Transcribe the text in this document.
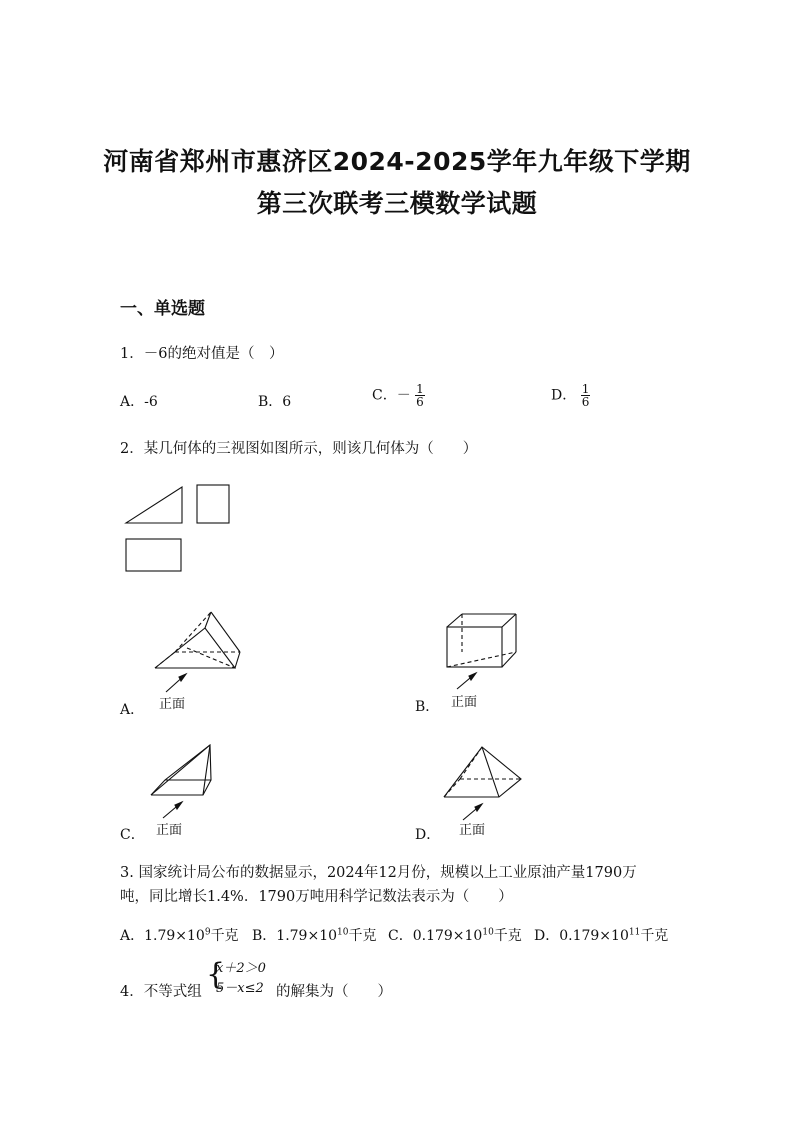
河南省郑州市惠济区2024-2025学年九年级下学期
第三次联考三模数学试题
一、单选题
1．－6的绝对值是（　）
A．-6	B．6	C．－ $\frac{1}{6}$	D． $\frac{1}{6}$
2．某几何体的三视图如图所示，则该几何体为（　　）
正面	正面
正面	正面
A．	B．
C．	D．
3. 国家统计局公布的数据显示，2024年12月份，规模以上工业原油产量1790万
吨，同比增长1.4%．1790万吨用科学记数法表示为（　　）
A．$1.79\times 10^9$千克 B．$1.79\times 10^{10}$千克 C．$0.179\times 10^{10}$千克 D．$0.179\times 10^{11}$千克
4．不等式组 {
x＋2＞0
5－x≤2 的解集为（　　）
